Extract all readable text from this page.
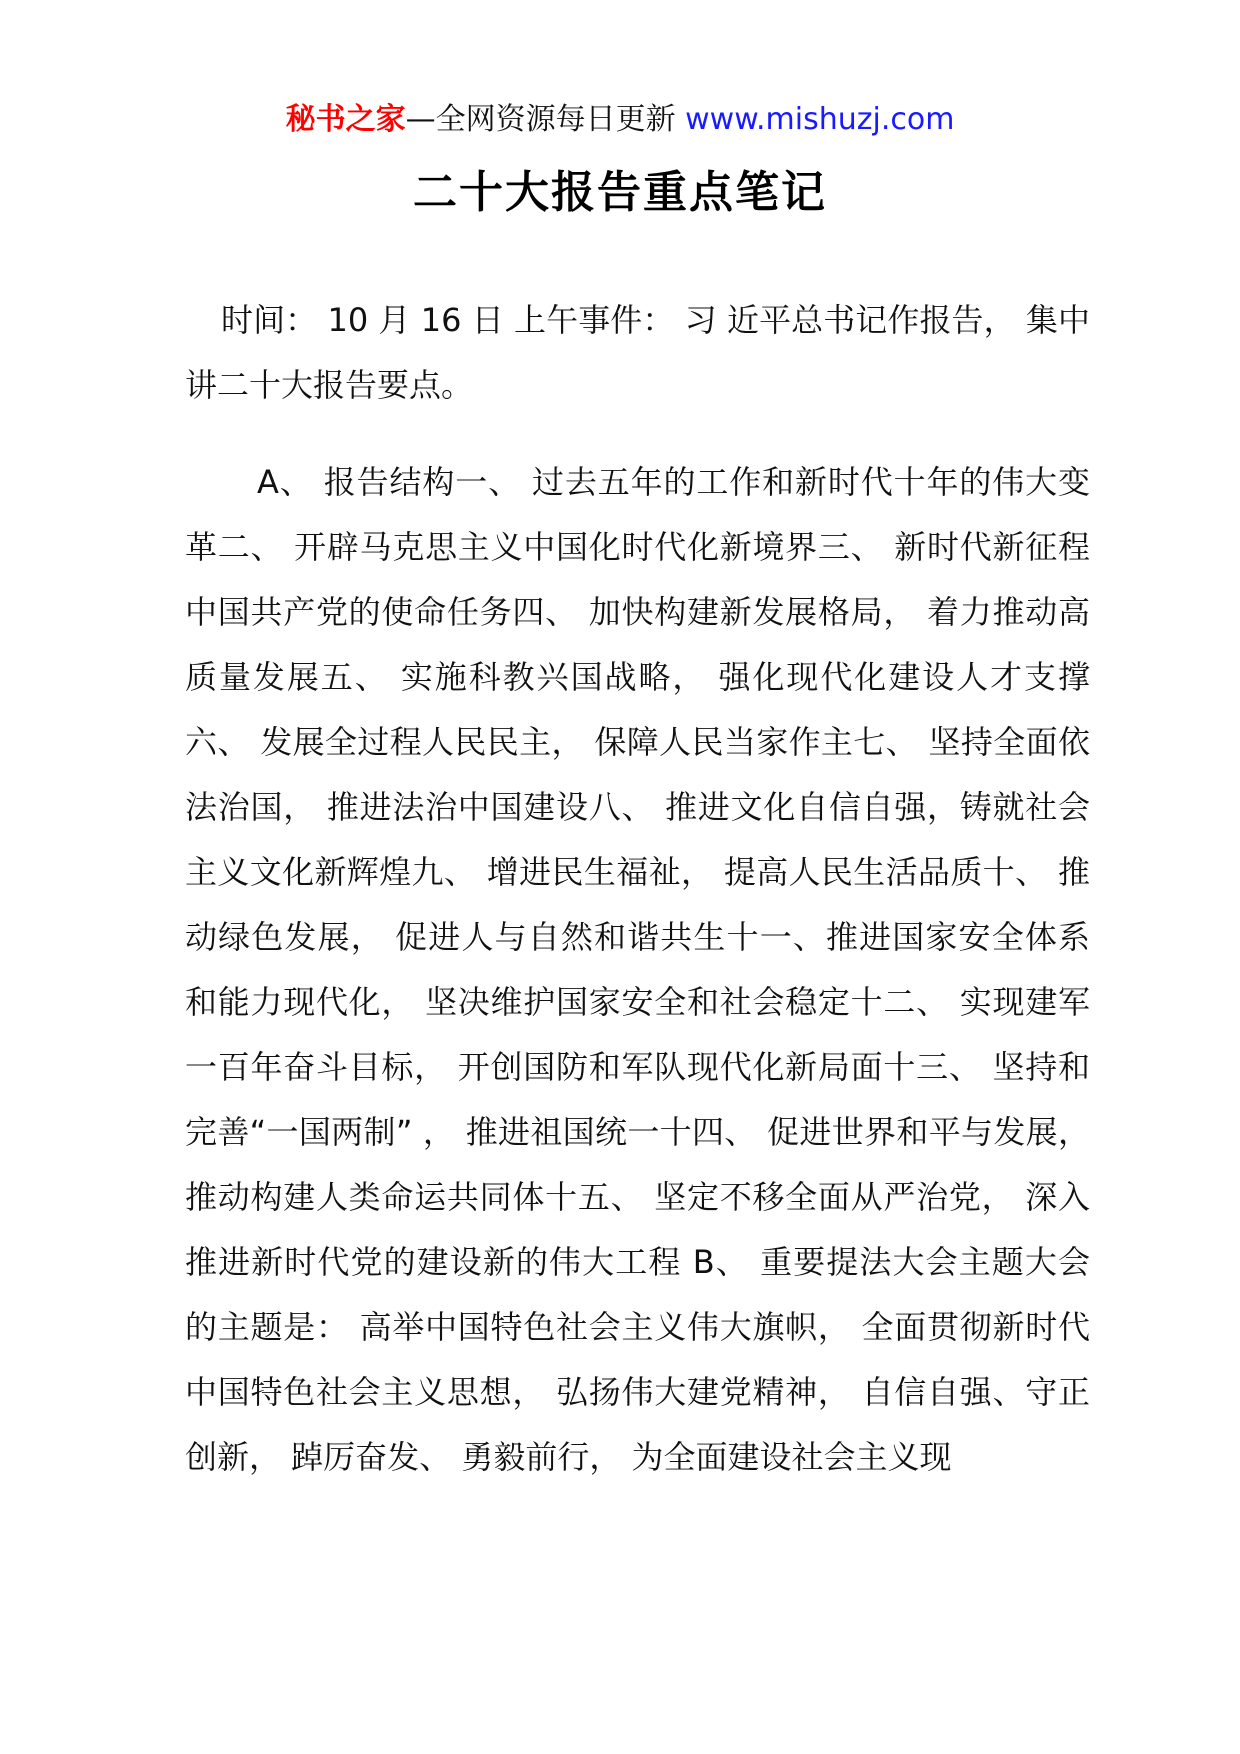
秘书之家—全网资源每日更新 www.mishuzj.com
二十大报告重点笔记

时间： 10 月 16 日 上午事件： 习 近平总书记作报告， 集中讲二十大报告要点。

A、 报告结构一、 过去五年的工作和新时代十年的伟大变革二、 开辟马克思主义中国化时代化新境界三、 新时代新征程中国共产党的使命任务四、 加快构建新发展格局， 着力推动高质量发展五、 实施科教兴国战略， 强化现代化建设人才支撑六、 发展全过程人民民主， 保障人民当家作主七、 坚持全面依法治国， 推进法治中国建设八、 推进文化自信自强，铸就社会主义文化新辉煌九、 增进民生福祉， 提高人民生活品质十、 推动绿色发展， 促进人与自然和谐共生十一、推进国家安全体系和能力现代化， 坚决维护国家安全和社会稳定十二、 实现建军一百年奋斗目标， 开创国防和军队现代化新局面十三、 坚持和完善“一国两制” ， 推进祖国统一十四、 促进世界和平与发展， 推动构建人类命运共同体十五、 坚定不移全面从严治党， 深入推进新时代党的建设新的伟大工程 B、 重要提法大会主题大会的主题是： 高举中国特色社会主义伟大旗帜， 全面贯彻新时代中国特色社会主义思想， 弘扬伟大建党精神， 自信自强、守正创新， 踔厉奋发、 勇毅前行， 为全面建设社会主义现
